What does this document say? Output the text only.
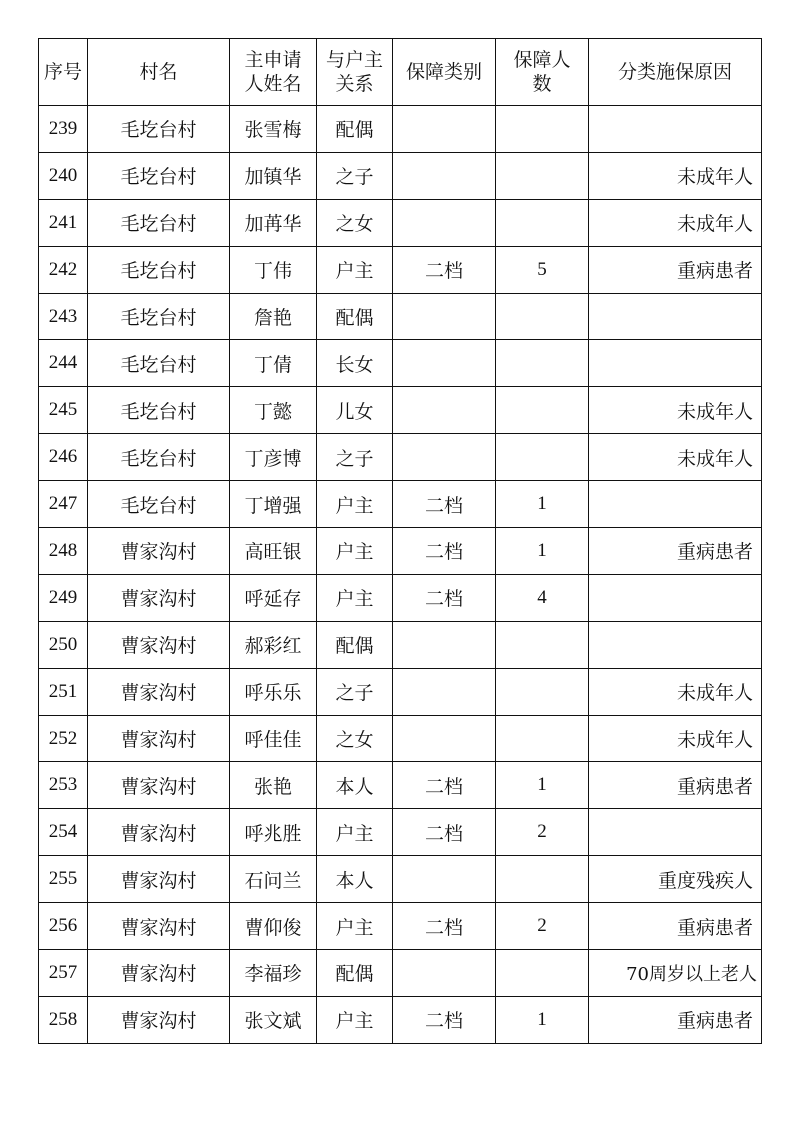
序号	村名	主申请人姓名	与户主关系	保障类别	保障人数	分类施保原因
239	毛圪台村	张雪梅	配偶			
240	毛圪台村	加镇华	之子			未成年人
241	毛圪台村	加苒华	之女			未成年人
242	毛圪台村	丁伟	户主	二档	5	重病患者
243	毛圪台村	詹艳	配偶			
244	毛圪台村	丁倩	长女			
245	毛圪台村	丁懿	儿女			未成年人
246	毛圪台村	丁彦博	之子			未成年人
247	毛圪台村	丁增强	户主	二档	1	
248	曹家沟村	高旺银	户主	二档	1	重病患者
249	曹家沟村	呼延存	户主	二档	4	
250	曹家沟村	郝彩红	配偶			
251	曹家沟村	呼乐乐	之子			未成年人
252	曹家沟村	呼佳佳	之女			未成年人
253	曹家沟村	张艳	本人	二档	1	重病患者
254	曹家沟村	呼兆胜	户主	二档	2	
255	曹家沟村	石问兰	本人			重度残疾人
256	曹家沟村	曹仰俊	户主	二档	2	重病患者
257	曹家沟村	李福珍	配偶			70周岁以上老人
258	曹家沟村	张文斌	户主	二档	1	重病患者
